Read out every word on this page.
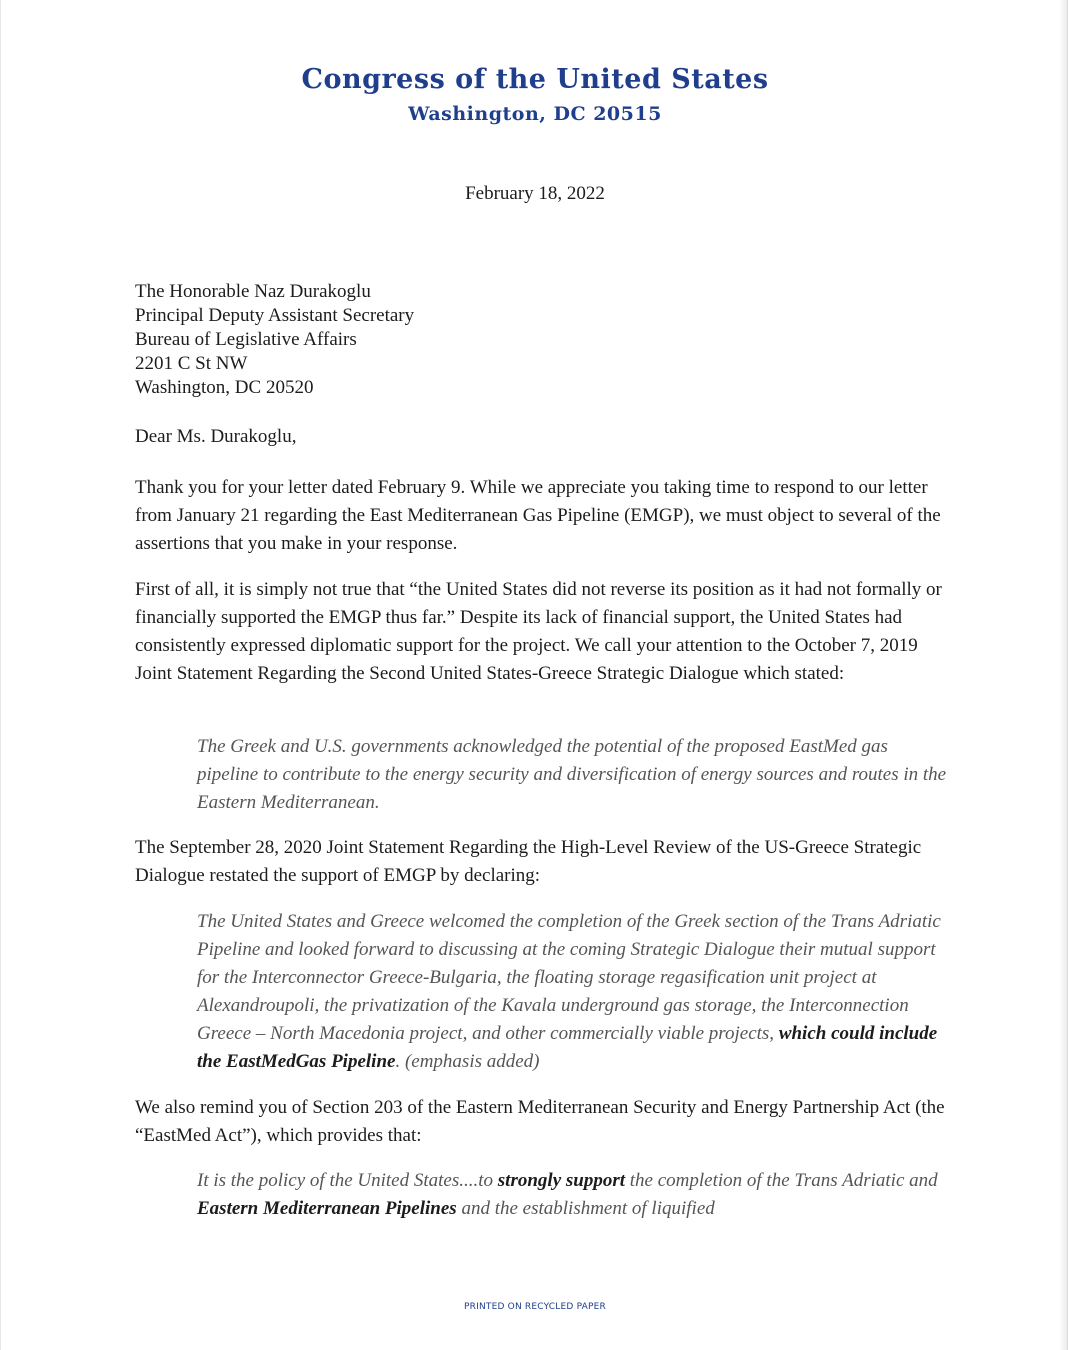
Congress of the United States
Washington, DC 20515
February 18, 2022
The Honorable Naz Durakoglu
Principal Deputy Assistant Secretary
Bureau of Legislative Affairs
2201 C St NW
Washington, DC 20520
Dear Ms. Durakoglu,
Thank you for your letter dated February 9. While we appreciate you taking time to respond to our letter from January 21 regarding the East Mediterranean Gas Pipeline (EMGP), we must object to several of the assertions that you make in your response.
First of all, it is simply not true that “the United States did not reverse its position as it had not formally or financially supported the EMGP thus far.” Despite its lack of financial support, the United States had consistently expressed diplomatic support for the project. We call your attention to the October 7, 2019 Joint Statement Regarding the Second United States-Greece Strategic Dialogue which stated:
The Greek and U.S. governments acknowledged the potential of the proposed EastMed gas pipeline to contribute to the energy security and diversification of energy sources and routes in the Eastern Mediterranean.
The September 28, 2020 Joint Statement Regarding the High-Level Review of the US-Greece Strategic Dialogue restated the support of EMGP by declaring:
The United States and Greece welcomed the completion of the Greek section of the Trans Adriatic Pipeline and looked forward to discussing at the coming Strategic Dialogue their mutual support for the Interconnector Greece-Bulgaria, the floating storage regasification unit project at Alexandroupoli, the privatization of the Kavala underground gas storage, the Interconnection Greece – North Macedonia project, and other commercially viable projects, which could include the EastMedGas Pipeline. (emphasis added)
We also remind you of Section 203 of the Eastern Mediterranean Security and Energy Partnership Act (the “EastMed Act”), which provides that:
It is the policy of the United States....to strongly support the completion of the Trans Adriatic and Eastern Mediterranean Pipelines and the establishment of liquified
PRINTED ON RECYCLED PAPER
